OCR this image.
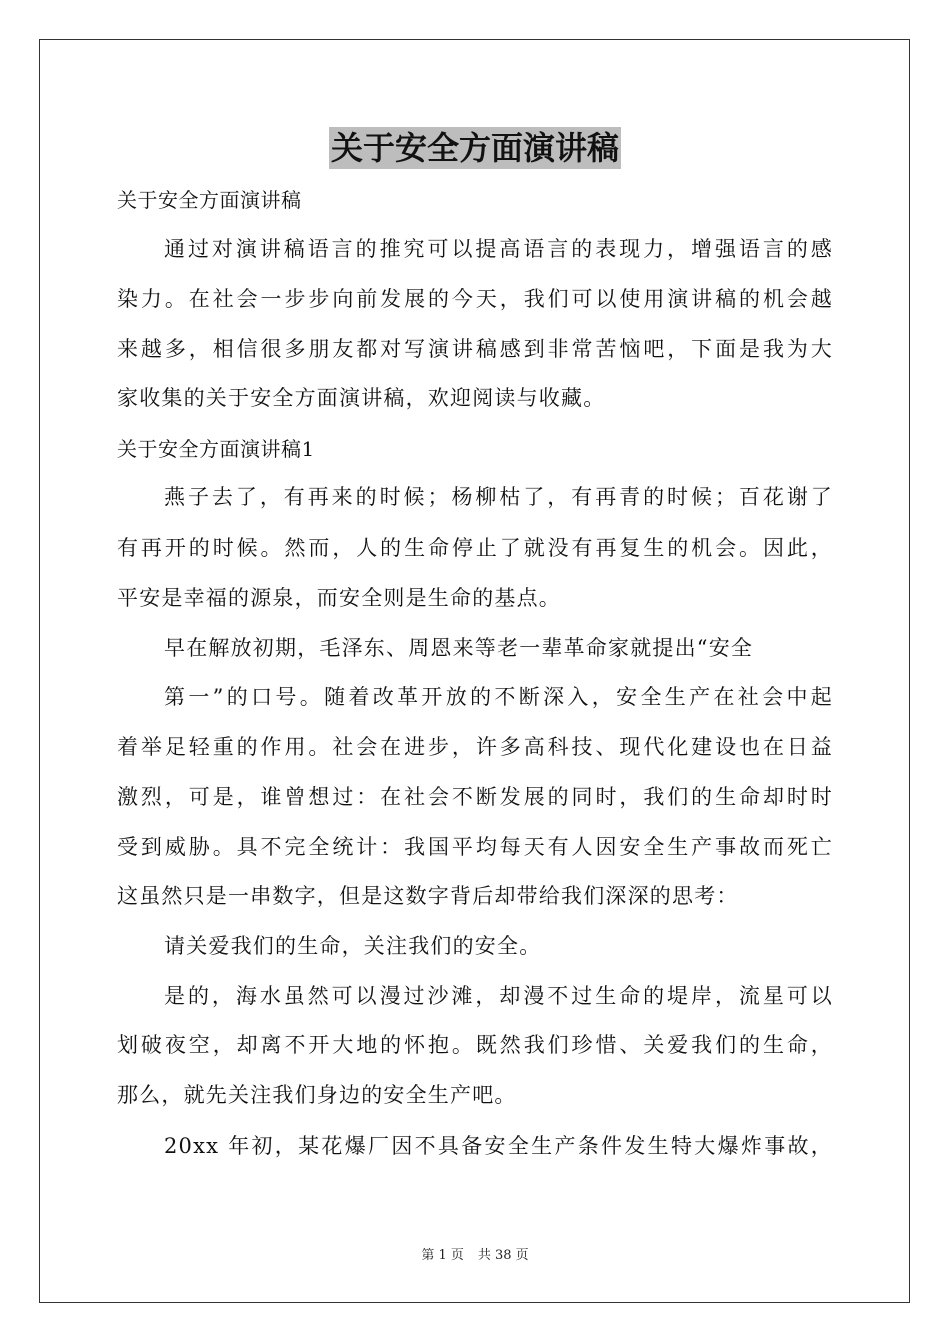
关于安全方面演讲稿
关于安全方面演讲稿
通过对演讲稿语言的推究可以提高语言的表现力，增强语言的感
染力。在社会一步步向前发展的今天，我们可以使用演讲稿的机会越
来越多，相信很多朋友都对写演讲稿感到非常苦恼吧，下面是我为大
家收集的关于安全方面演讲稿，欢迎阅读与收藏。
关于安全方面演讲稿1
燕子去了，有再来的时候；杨柳枯了，有再青的时候；百花谢了
有再开的时候。然而，人的生命停止了就没有再复生的机会。因此，
平安是幸福的源泉，而安全则是生命的基点。
早在解放初期，毛泽东、周恩来等老一辈革命家就提出“安全
第一”的口号。随着改革开放的不断深入，安全生产在社会中起
着举足轻重的作用。社会在进步，许多高科技、现代化建设也在日益
激烈，可是，谁曾想过：在社会不断发展的同时，我们的生命却时时
受到威胁。具不完全统计：我国平均每天有人因安全生产事故而死亡
这虽然只是一串数字，但是这数字背后却带给我们深深的思考：
请关爱我们的生命，关注我们的安全。
是的，海水虽然可以漫过沙滩，却漫不过生命的堤岸，流星可以
划破夜空，却离不开大地的怀抱。既然我们珍惜、关爱我们的生命，
那么，就先关注我们身边的安全生产吧。
20xx 年初，某花爆厂因不具备安全生产条件发生特大爆炸事故，
第 1 页 共 38 页
